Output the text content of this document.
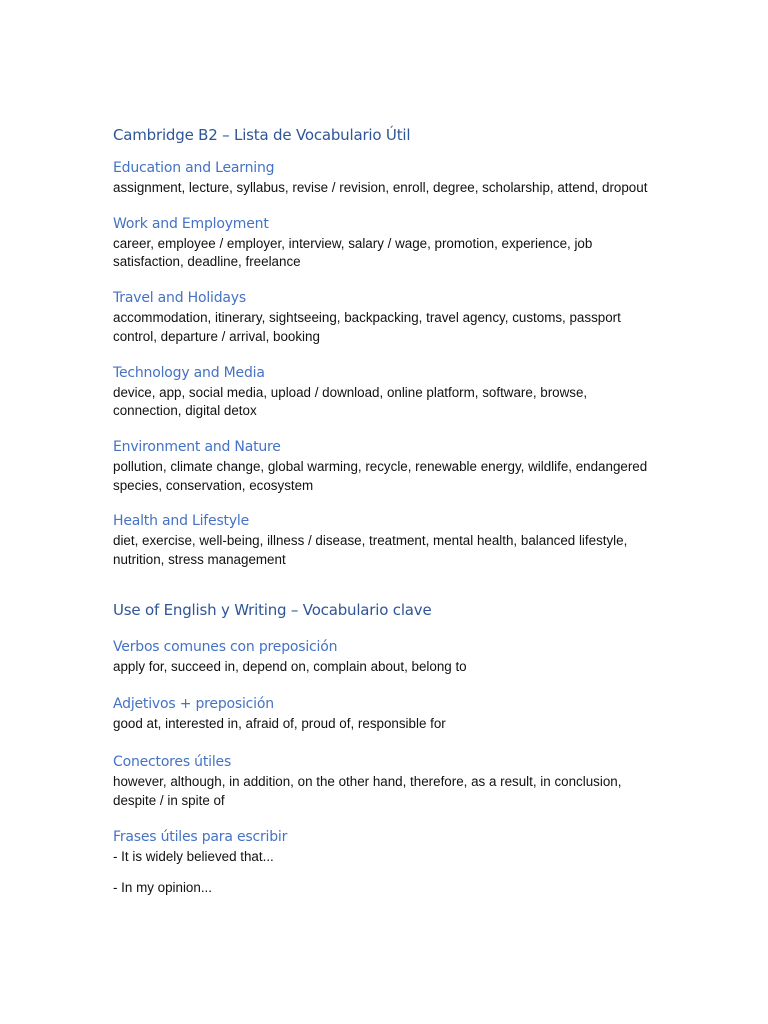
Cambridge B2 – Lista de Vocabulario Útil
Education and Learning

assignment, lecture, syllabus, revise / revision, enroll, degree, scholarship, attend, dropout

Work and Employment

career, employee / employer, interview, salary / wage, promotion, experience, job satisfaction, deadline, freelance

Travel and Holidays

accommodation, itinerary, sightseeing, backpacking, travel agency, customs, passport control, departure / arrival, booking

Technology and Media

device, app, social media, upload / download, online platform, software, browse, connection, digital detox

Environment and Nature

pollution, climate change, global warming, recycle, renewable energy, wildlife, endangered species, conservation, ecosystem

Health and Lifestyle

diet, exercise, well-being, illness / disease, treatment, mental health, balanced lifestyle, nutrition, stress management

Use of English y Writing – Vocabulario clave
Verbos comunes con preposición

apply for, succeed in, depend on, complain about, belong to

Adjetivos + preposición

good at, interested in, afraid of, proud of, responsible for

Conectores útiles

however, although, in addition, on the other hand, therefore, as a result, in conclusion, despite / in spite of

Frases útiles para escribir

- It is widely believed that...

- In my opinion...
